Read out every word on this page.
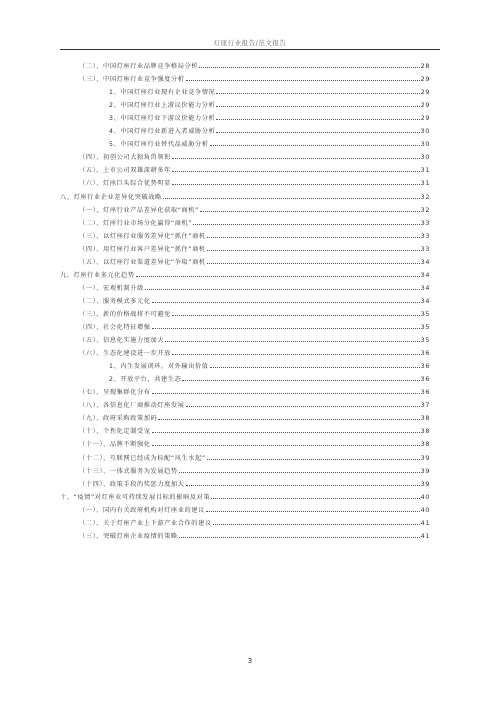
灯座行业报告/范文报告
（二）、中国灯座行业品牌竞争格局分析	28
（三）、中国灯座行业竞争强度分析	29
1、中国灯座行业现有企业竞争情况	29
2、中国灯座行业上游议价能力分析	29
3、中国灯座行业下游议价能力分析	29
4、中国灯座行业新进入者威胁分析	30
5、中国灯座行业替代品威胁分析	30
（四）、初创公司大独角兽领衔	30
（五）、上市公司双雄深耕多年	31
（六）、灯座巨头综合优势明显	31
八、灯座行业企业差异化突破战略	32
（一）、灯座行业产品差异化获取“商机”	32
（二）、灯座行业市场分化赢得“商机”	33
（三）、以灯座行业服务差异化“抓住”商机	33
（四）、用灯座行业客户差异化“抓住”商机	33
（五）、以灯座行业渠道差异化“争取”商机	34
九、灯座行业多元化趋势	34
（一）、宏观机制升级	34
（二）、服务模式多元化	34
（三）、新的价格战将不可避免	35
（四）、社会化特征增强	35
（五）、信息化实施力度加大	35
（六）、生态化建设进一步开放	36
1、内生发展闭环，对外输出价值	36
2、开放平台，共建生态	36
（七）、呈现集群化分布	36
（八）、各信息化厂商推动灯座发展	37
（九）、政府采购政策加码	38
（十）、个性化定制受宠	38
（十一）、品牌不断强化	38
（十二）、互联网已经成为标配“风生水起”	39
（十三）、一体式服务为发展趋势	39
（十四）、政策手段的奖惩力度加大	39
十、“疫情”对灯座业可持续发展目标的影响及对策	40
（一）、国内有关政府机构对灯座业的建议	40
（二）、关于灯座产业上下游产业合作的建议	41
（三）、突破灯座企业疫情的策略	41
3
